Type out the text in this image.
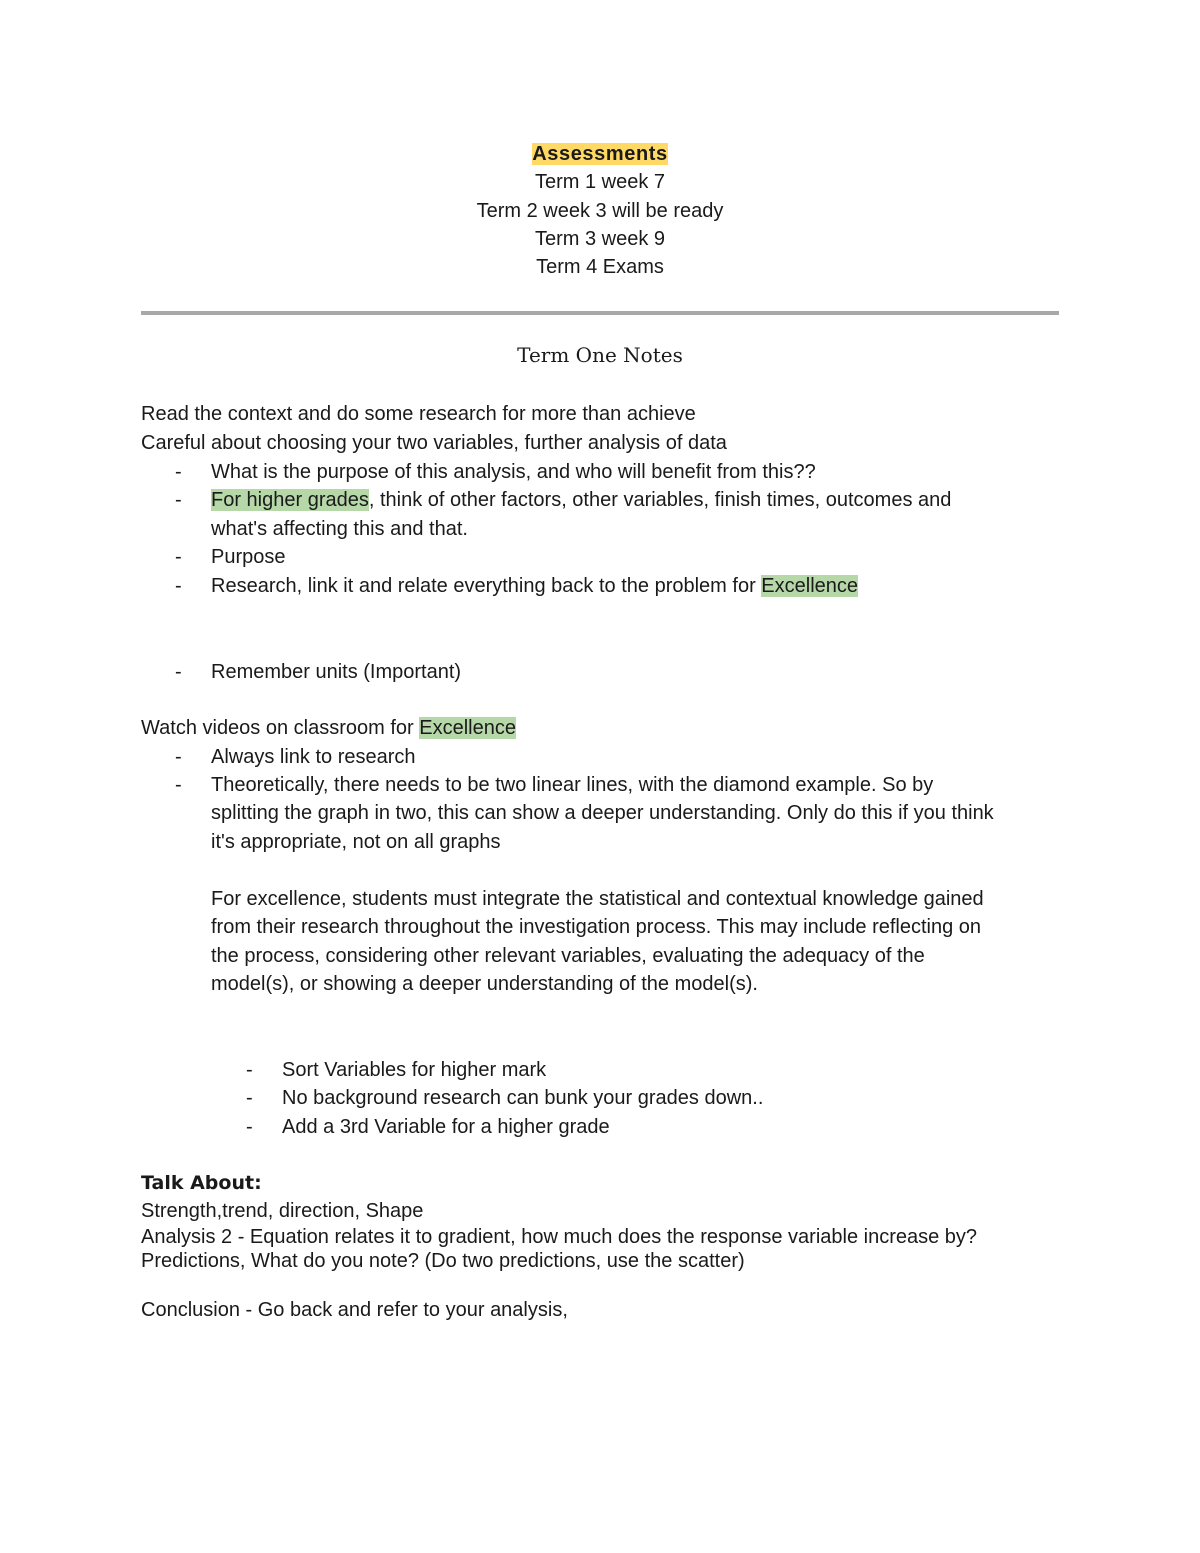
Assessments
Term 1 week 7
Term 2 week 3 will be ready
Term 3 week 9
Term 4 Exams
Term One Notes
Read the context and do some research for more than achieve
Careful about choosing your two variables, further analysis of data
- What is the purpose of this analysis, and who will benefit from this??
- For higher grades, think of other factors, other variables, finish times, outcomes and
what's affecting this and that.
- Purpose
- Research, link it and relate everything back to the problem for Excellence
- Remember units (Important)
Watch videos on classroom for Excellence
- Always link to research
- Theoretically, there needs to be two linear lines, with the diamond example. So by
splitting the graph in two, this can show a deeper understanding. Only do this if you think
it's appropriate, not on all graphs
For excellence, students must integrate the statistical and contextual knowledge gained
from their research throughout the investigation process. This may include reflecting on
the process, considering other relevant variables, evaluating the adequacy of the
model(s), or showing a deeper understanding of the model(s).
- Sort Variables for higher mark
- No background research can bunk your grades down..
- Add a 3rd Variable for a higher grade
Talk About:
Strength,trend, direction, Shape
Analysis 2 - Equation relates it to gradient, how much does the response variable increase by?
Predictions, What do you note? (Do two predictions, use the scatter)
Conclusion - Go back and refer to your analysis,
